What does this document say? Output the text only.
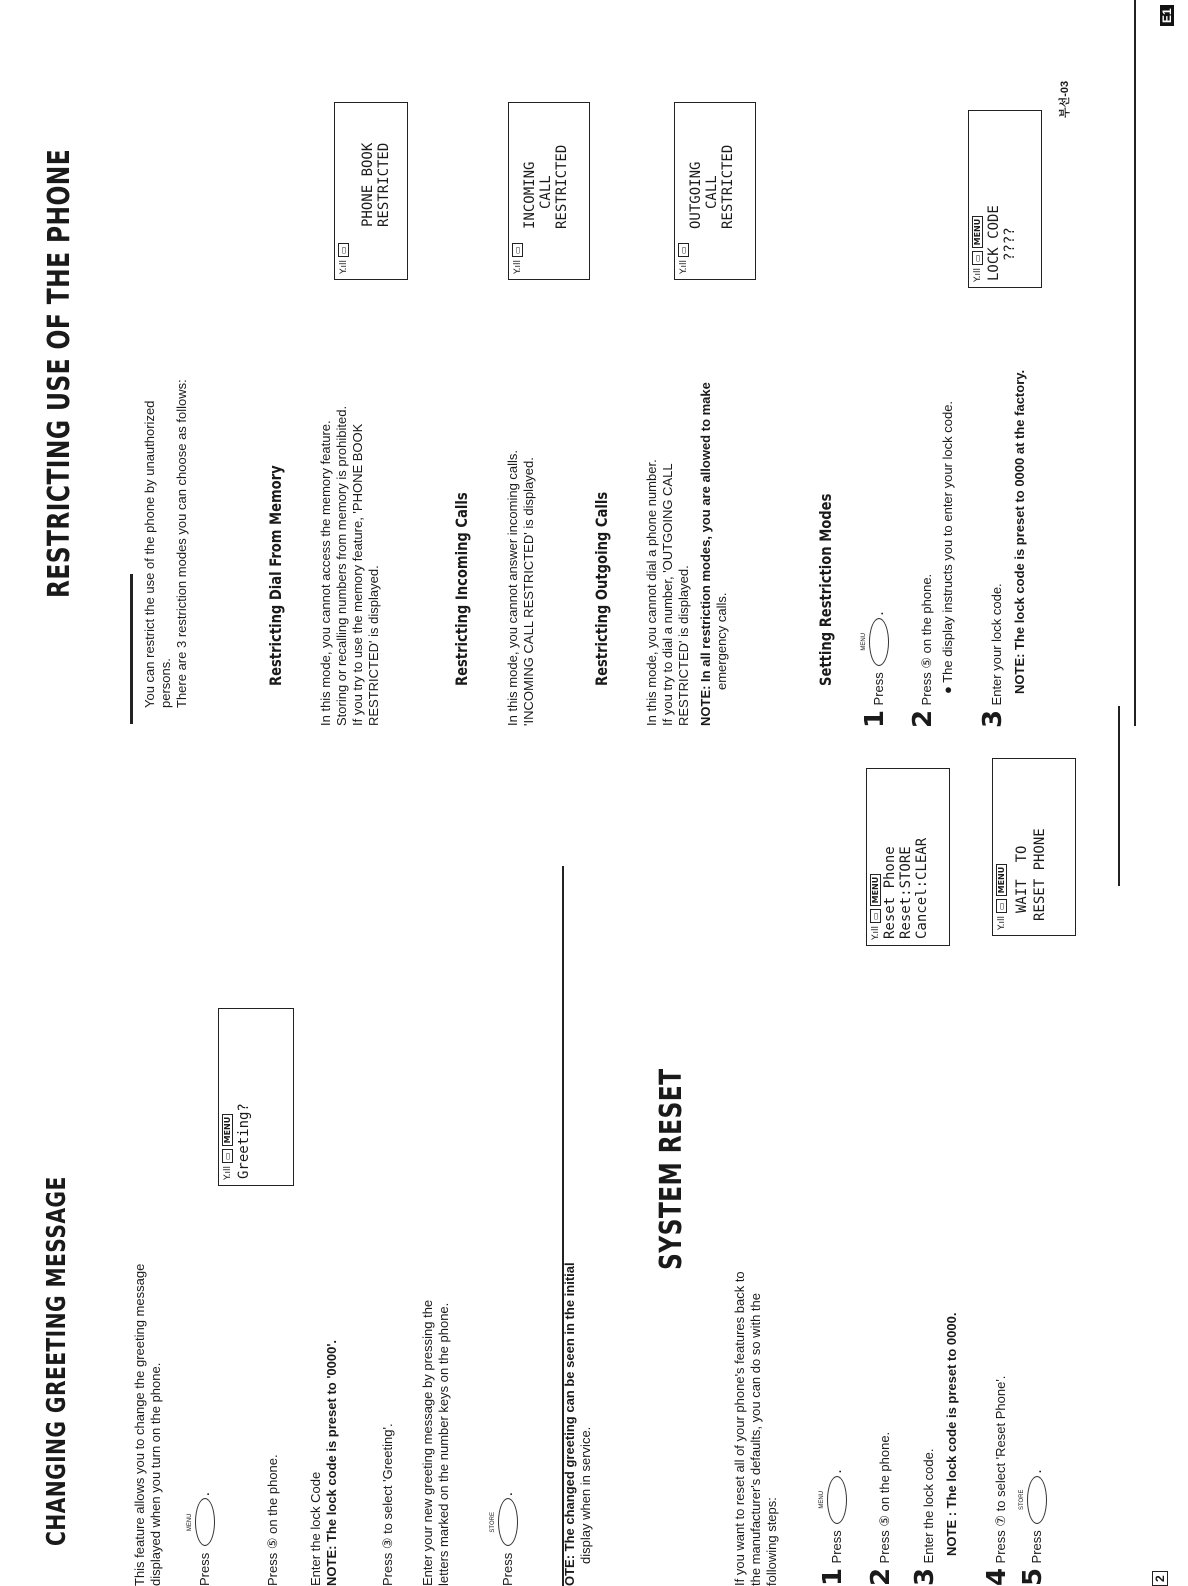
CHANGING GREETING MESSAGE	This feature allows you to change the greeting message displayed when you turn on the phone.	Press
MENU
.	Press ⑤ on the phone. Enter the lock Code NOTE: The lock code is preset to '0000'.	Press ③ to select 'Greeting'. Enter your new greeting message by pressing the letters marked on the number keys on the phone.	Press
STORE
.
Y.ıll▭MENU Greeting?
OTE: The changed greeting can be seen in the initial display when in service.
SYSTEM RESET
If you want to reset all of your phone's features back to the manufacturer's defaults, you can do so with the following steps: 1 Press
MENU
.
2 Press ⑤ on the phone.
3 Enter the lock code. NOTE : The lock code is preset to 0000.
4 Press ⑦ to select 'Reset Phone'.
5 Press
STORE
.
Y.ıll▭MENU Reset Phone Reset:STORE Cancel:CLEAR	Y.ıll▭MENU WAIT  TO RESET PHONE
2
RESTRICTING USE OF THE PHONE	You can restrict the use of the phone by unauthorized persons. There are 3 restriction modes you can choose as follows:	Restricting Dial From Memory	In this mode, you cannot access the memory feature. Storing or recalling numbers from memory is prohibited. If you try to use the memory feature, 'PHONE BOOK RESTRICTED' is displayed.
Y.ıll▭
PHONE BOOK RESTRICTED
Restricting Incoming Calls	In this mode, you cannot answer incoming calls. 'INCOMING CALL RESTRICTED' is displayed.
Y.ıll▭
INCOMING CALL RESTRICTED
Restricting Outgoing Calls	In this mode, you cannot dial a phone number. If you try to dial a number, 'OUTGOING CALL RESTRICTED' is displayed. NOTE: In all restriction modes, you are allowed to make emergency calls.
Y.ıll▭
OUTGOING CALL RESTRICTED
Setting Restriction Modes
1 Press
MENU
.
2 Press ⑤ on the phone. ● The display instructs you to enter your lock code.
3 Enter your lock code. NOTE: The lock code is preset to 0000 at the factory.
Y.ıll▭MENU LOCK CODE ????
부선-03
E1
